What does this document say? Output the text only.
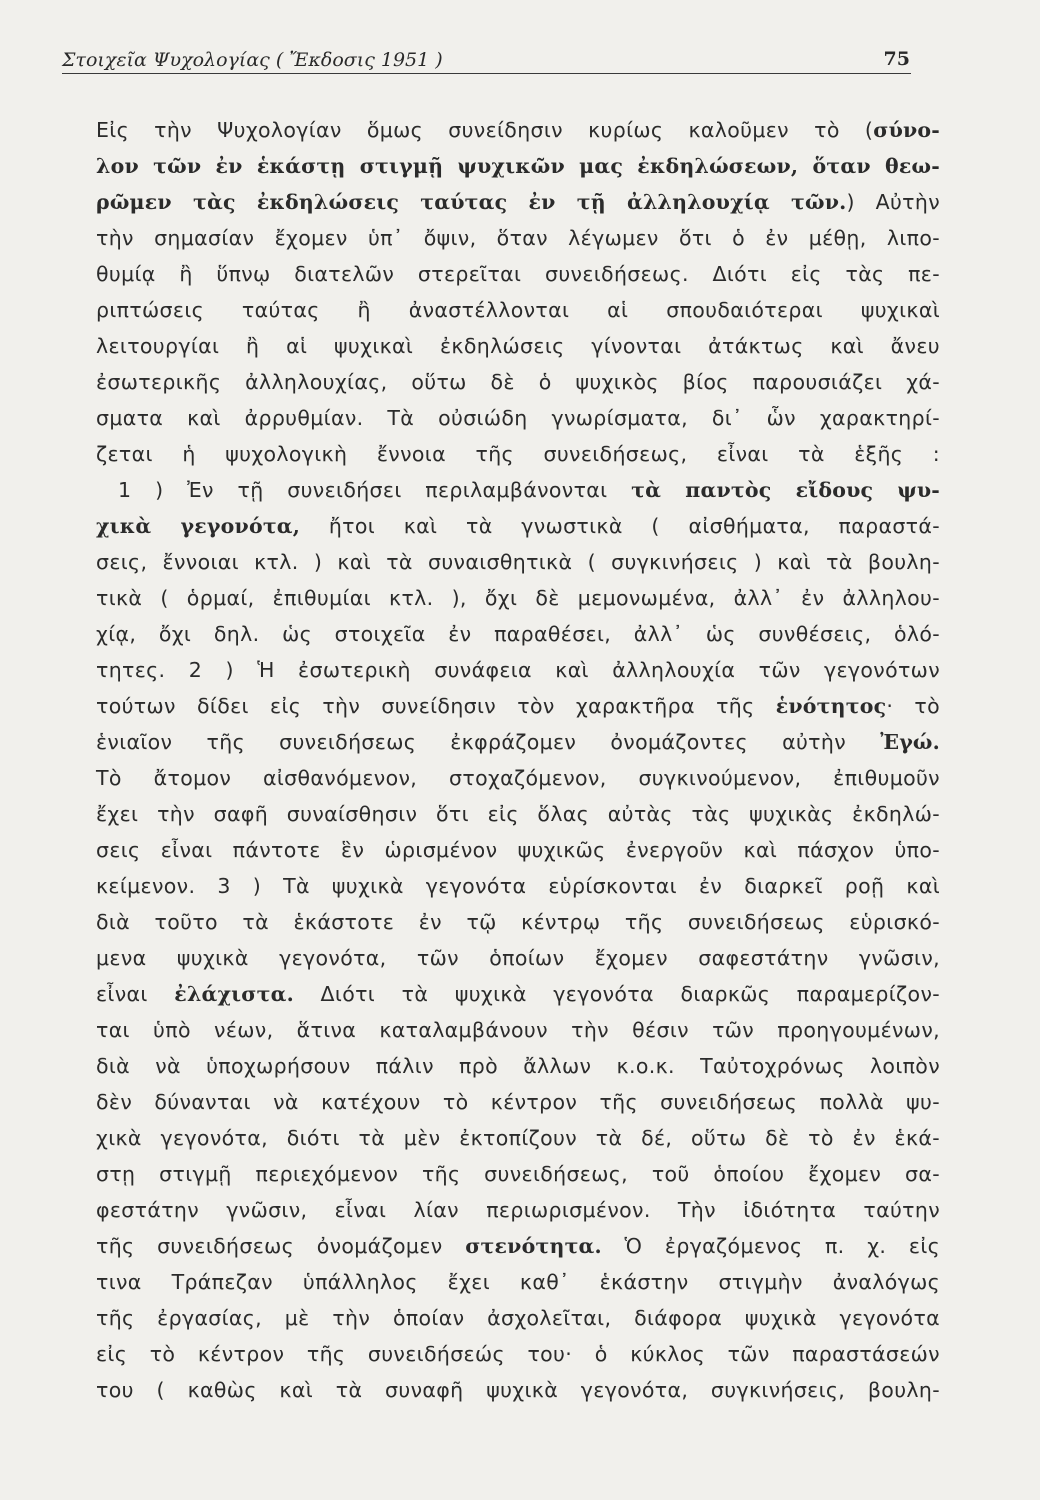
Στοιχεῖα Ψυχολογίας ( Ἔκδοσις 1951 )	75
Εἰς τὴν Ψυχολογίαν ὅμως συνείδησιν κυρίως καλοῦμεν τὸ (σύνο-
λον τῶν ἐν ἑκάστῃ στιγμῇ ψυχικῶν μας ἐκδηλώσεων, ὅταν θεω-
ρῶμεν τὰς ἐκδηλώσεις ταύτας ἐν τῇ ἀλληλουχίᾳ τῶν.) Αὐτὴν
τὴν σημασίαν ἔχομεν ὑπ᾽ ὄψιν, ὅταν λέγωμεν ὅτι ὁ ἐν μέθῃ, λιπο-
θυμίᾳ ἢ ὕπνῳ διατελῶν στερεῖται συνειδήσεως. Διότι εἰς τὰς πε-
ριπτώσεις ταύτας ἢ ἀναστέλλονται αἱ σπουδαιότεραι ψυχικαὶ
λειτουργίαι ἢ αἱ ψυχικαὶ ἐκδηλώσεις γίνονται ἀτάκτως καὶ ἄνευ
ἐσωτερικῆς ἀλληλουχίας, οὕτω δὲ ὁ ψυχικὸς βίος παρουσιάζει χά-
σματα καὶ ἀρρυθμίαν. Τὰ οὐσιώδη γνωρίσματα, δι᾽ ὧν χαρακτηρί-
ζεται ἡ ψυχολογικὴ ἔννοια τῆς συνειδήσεως, εἶναι τὰ ἑξῆς :
1 ) Ἐν τῇ συνειδήσει περιλαμβάνονται τὰ παντὸς εἴδους ψυ-
χικὰ γεγονότα, ἤτοι καὶ τὰ γνωστικὰ ( αἰσθήματα, παραστά-
σεις, ἔννοιαι κτλ. ) καὶ τὰ συναισθητικὰ ( συγκινήσεις ) καὶ τὰ βουλη-
τικὰ ( ὁρμαί, ἐπιθυμίαι κτλ. ), ὄχι δὲ μεμονωμένα, ἀλλ᾽ ἐν ἀλληλου-
χίᾳ, ὄχι δηλ. ὡς στοιχεῖα ἐν παραθέσει, ἀλλ᾽ ὡς συνθέσεις, ὁλό-
τητες. 2 ) Ἡ ἐσωτερικὴ συνάφεια καὶ ἀλληλουχία τῶν γεγονότων
τούτων δίδει εἰς τὴν συνείδησιν τὸν χαρακτῆρα τῆς ἑνότητος· τὸ
ἑνιαῖον τῆς συνειδήσεως ἐκφράζομεν ὀνομάζοντες αὐτὴν Ἐγώ.
Τὸ ἄτομον αἰσθανόμενον, στοχαζόμενον, συγκινούμενον, ἐπιθυμοῦν
ἔχει τὴν σαφῆ συναίσθησιν ὅτι εἰς ὅλας αὐτὰς τὰς ψυχικὰς ἐκδηλώ-
σεις εἶναι πάντοτε ἓν ὡρισμένον ψυχικῶς ἐνεργοῦν καὶ πάσχον ὑπο-
κείμενον. 3 ) Τὰ ψυχικὰ γεγονότα εὑρίσκονται ἐν διαρκεῖ ροῇ καὶ
διὰ τοῦτο τὰ ἑκάστοτε ἐν τῷ κέντρῳ τῆς συνειδήσεως εὑρισκό-
μενα ψυχικὰ γεγονότα, τῶν ὁποίων ἔχομεν σαφεστάτην γνῶσιν,
εἶναι ἐλάχιστα. Διότι τὰ ψυχικὰ γεγονότα διαρκῶς παραμερίζον-
ται ὑπὸ νέων, ἅτινα καταλαμβάνουν τὴν θέσιν τῶν προηγουμένων,
διὰ νὰ ὑποχωρήσουν πάλιν πρὸ ἄλλων κ.ο.κ. Ταὐτοχρόνως λοιπὸν
δὲν δύνανται νὰ κατέχουν τὸ κέντρον τῆς συνειδήσεως πολλὰ ψυ-
χικὰ γεγονότα, διότι τὰ μὲν ἐκτοπίζουν τὰ δέ, οὕτω δὲ τὸ ἐν ἑκά-
στῃ στιγμῇ περιεχόμενον τῆς συνειδήσεως, τοῦ ὁποίου ἔχομεν σα-
φεστάτην γνῶσιν, εἶναι λίαν περιωρισμένον. Τὴν ἰδιότητα ταύτην
τῆς συνειδήσεως ὀνομάζομεν στενότητα. Ὁ ἐργαζόμενος π. χ. εἰς
τινα Τράπεζαν ὑπάλληλος ἔχει καθ᾽ ἑκάστην στιγμὴν ἀναλόγως
τῆς ἐργασίας, μὲ τὴν ὁποίαν ἀσχολεῖται, διάφορα ψυχικὰ γεγονότα
εἰς τὸ κέντρον τῆς συνειδήσεώς του· ὁ κύκλος τῶν παραστάσεών
του ( καθὼς καὶ τὰ συναφῆ ψυχικὰ γεγονότα, συγκινήσεις, βουλη-
